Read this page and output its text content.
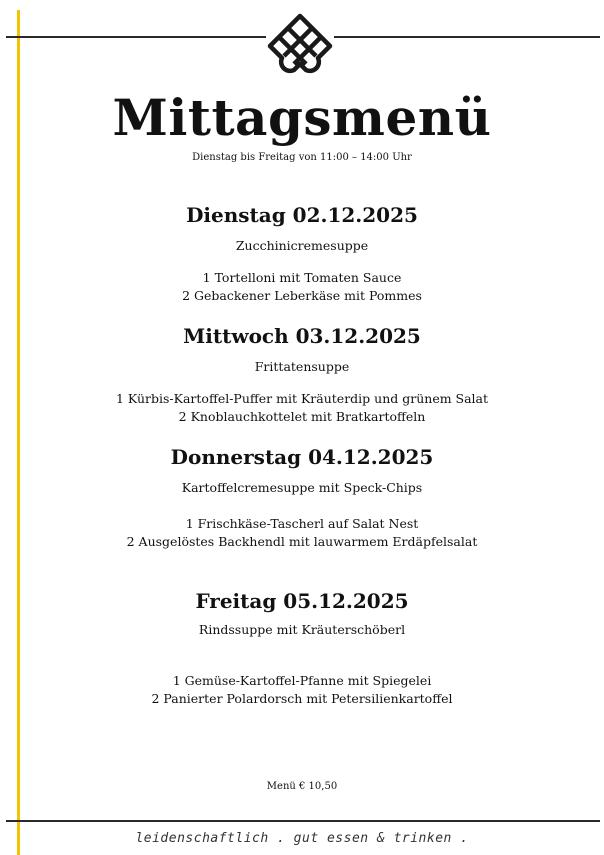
Mittagsmenü
Dienstag bis Freitag von 11:00 – 14:00 Uhr
Dienstag 02.12.2025
Zucchinicremesuppe
1 Tortelloni mit Tomaten Sauce
2 Gebackener Leberkäse mit Pommes
Mittwoch 03.12.2025
Frittatensuppe
1 Kürbis-Kartoffel-Puffer mit Kräuterdip und grünem Salat
2 Knoblauchkottelet mit Bratkartoffeln
Donnerstag 04.12.2025
Kartoffelcremesuppe mit Speck-Chips
1 Frischkäse-Tascherl auf Salat Nest
2 Ausgelöstes Backhendl mit lauwarmem Erdäpfelsalat
Freitag 05.12.2025
Rindssuppe mit Kräuterschöberl
1 Gemüse-Kartoffel-Pfanne mit Spiegelei
2 Panierter Polardorsch mit Petersilienkartoffel
Menü € 10,50
leidenschaftlich . gut essen & trinken .
